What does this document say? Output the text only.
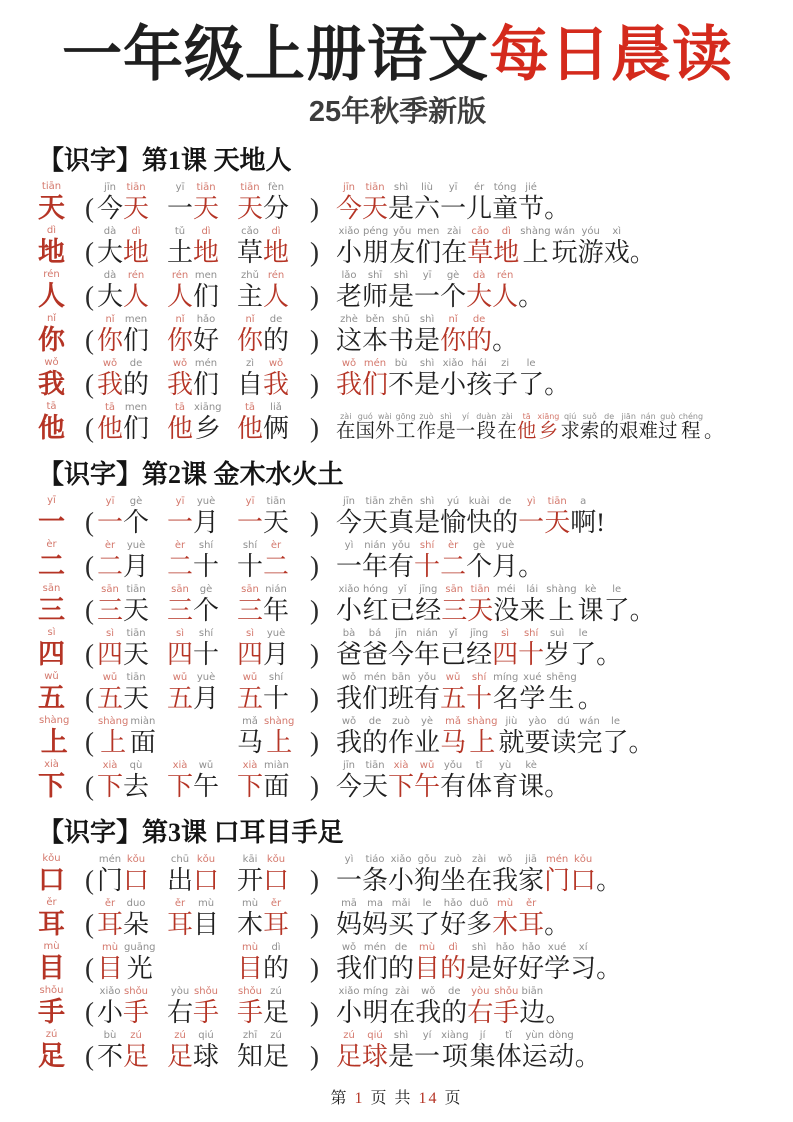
一年级上册语文每日晨读
25年秋季新版
【识字】第1课 天地人
tiān
天 (
jīn
今
tiān
天
yī
一
tiān
天
tiān
天
fèn
分 )
jīn
今
tiān
天
shì
是
liù
六
yī
一
ér
儿
tóng
童
jié
节 。
dì
地 (
dà
大
dì
地
tǔ
土
dì
地
cǎo
草
dì
地 )
xiǎo
小
péng
朋
yǒu
友
men
们
zài
在
cǎo
草
dì
地
shàng
上
wán
玩
yóu
游
xì
戏 。
rén
人 (
dà
大
rén
人
rén
人
men
们
zhǔ
主
rén
人 )
lǎo
老
shī
师
shì
是
yī
一
gè
个
dà
大
rén
人 。
nǐ
你 (
nǐ
你
men
们
nǐ
你
hǎo
好
nǐ
你
de
的 )
zhè
这
běn
本
shū
书
shì
是
nǐ
你
de
的 。
wǒ
我 (
wǒ
我
de
的
wǒ
我
mén
们
zì
自
wǒ
我 )
wǒ
我
mén
们
bù
不
shì
是
xiǎo
小
hái
孩
zi
子
le
了 。
tā
他 (
tā
他
men
们
tā
他
xiāng
乡
tā
他
liǎ
俩 )	zài
在
guó
国
wài
外
gōng
工
zuò
作
shì
是
yí
一
duàn
段
zài
在
tā
他
xiāng
乡
qiú
求
suǒ
索
de
的
jiān
艰
nán
难
guò
过
chéng
程 。
【识字】第2课 金木水火土
yī
一 (
yī
一
gè
个
yī
一
yuè
月
yī
一
tiān
天 )
jīn
今
tiān
天
zhēn
真
shì
是
yú
愉
kuài
快
de
的
yì
一
tiān
天
a
啊 !
èr
二 (
èr
二
yuè
月
èr
二
shí
十
shí
十
èr
二 )
yì
一
nián
年
yǒu
有
shí
十
èr
二
gè
个
yuè
月 。
sān
三 (
sān
三
tiān
天
sān
三
gè
个
sān
三
nián
年 )
xiǎo
小
hóng
红
yǐ
已
jīng
经
sān
三
tiān
天
méi
没
lái
来
shàng
上
kè
课
le
了 。
sì
四 (
sì
四
tiān
天
sì
四
shí
十
sì
四
yuè
月 )
bà
爸
bá
爸
jīn
今
nián
年
yǐ
已
jīng
经
sì
四
shí
十
suì
岁
le
了 。
wǔ
五 (
wǔ
五
tiān
天
wǔ
五
yuè
月
wǔ
五
shí
十 )
wǒ
我
mén
们
bān
班
yǒu
有
wǔ
五
shí
十
míng
名
xué
学
shēng
生 。
shàng
上 (
shàng
上
miàn
面
mǎ
马
shàng
上 )
wǒ
我
de
的
zuò
作
yè
业
mǎ
马
shàng
上
jiù
就
yào
要
dú
读
wán
完
le
了 。
xià
下 (
xià
下
qù
去
xià
下
wǔ
午
xià
下
miàn
面 )
jīn
今
tiān
天
xià
下
wǔ
午
yǒu
有
tǐ
体
yù
育
kè
课 。
【识字】第3课 口耳目手足
kǒu
口 (
mén
门
kǒu
口
chū
出
kǒu
口
kāi
开
kǒu
口 )
yì
一
tiáo
条
xiǎo
小
gǒu
狗
zuò
坐
zài
在
wǒ
我
jiā
家
mén
门
kǒu
口 。
ěr
耳 (
ěr
耳
duo
朵
ěr
耳
mù
目
mù
木
ěr
耳 )
mā
妈
ma
妈
mǎi
买
le
了
hǎo
好
duō
多
mù
木
ěr
耳 。
mù
目 (
mù
目
guāng
光
mù
目
dì
的 )
wǒ
我
mén
们
de
的
mù
目
dì
的
shì
是
hǎo
好
hǎo
好
xué
学
xí
习 。
shǒu
手 (
xiǎo
小
shǒu
手
yòu
右
shǒu
手
shǒu
手
zú
足 )
xiǎo
小
míng
明
zài
在
wǒ
我
de
的
yòu
右
shǒu
手
biān
边 。
zú
足 (
bù
不
zú
足
zú
足
qiú
球
zhī
知
zú
足 )
zú
足
qiú
球
shì
是
yí
一
xiàng
项
jí
集
tǐ
体
yùn
运
dòng
动 。
第 1 页 共 14 页
